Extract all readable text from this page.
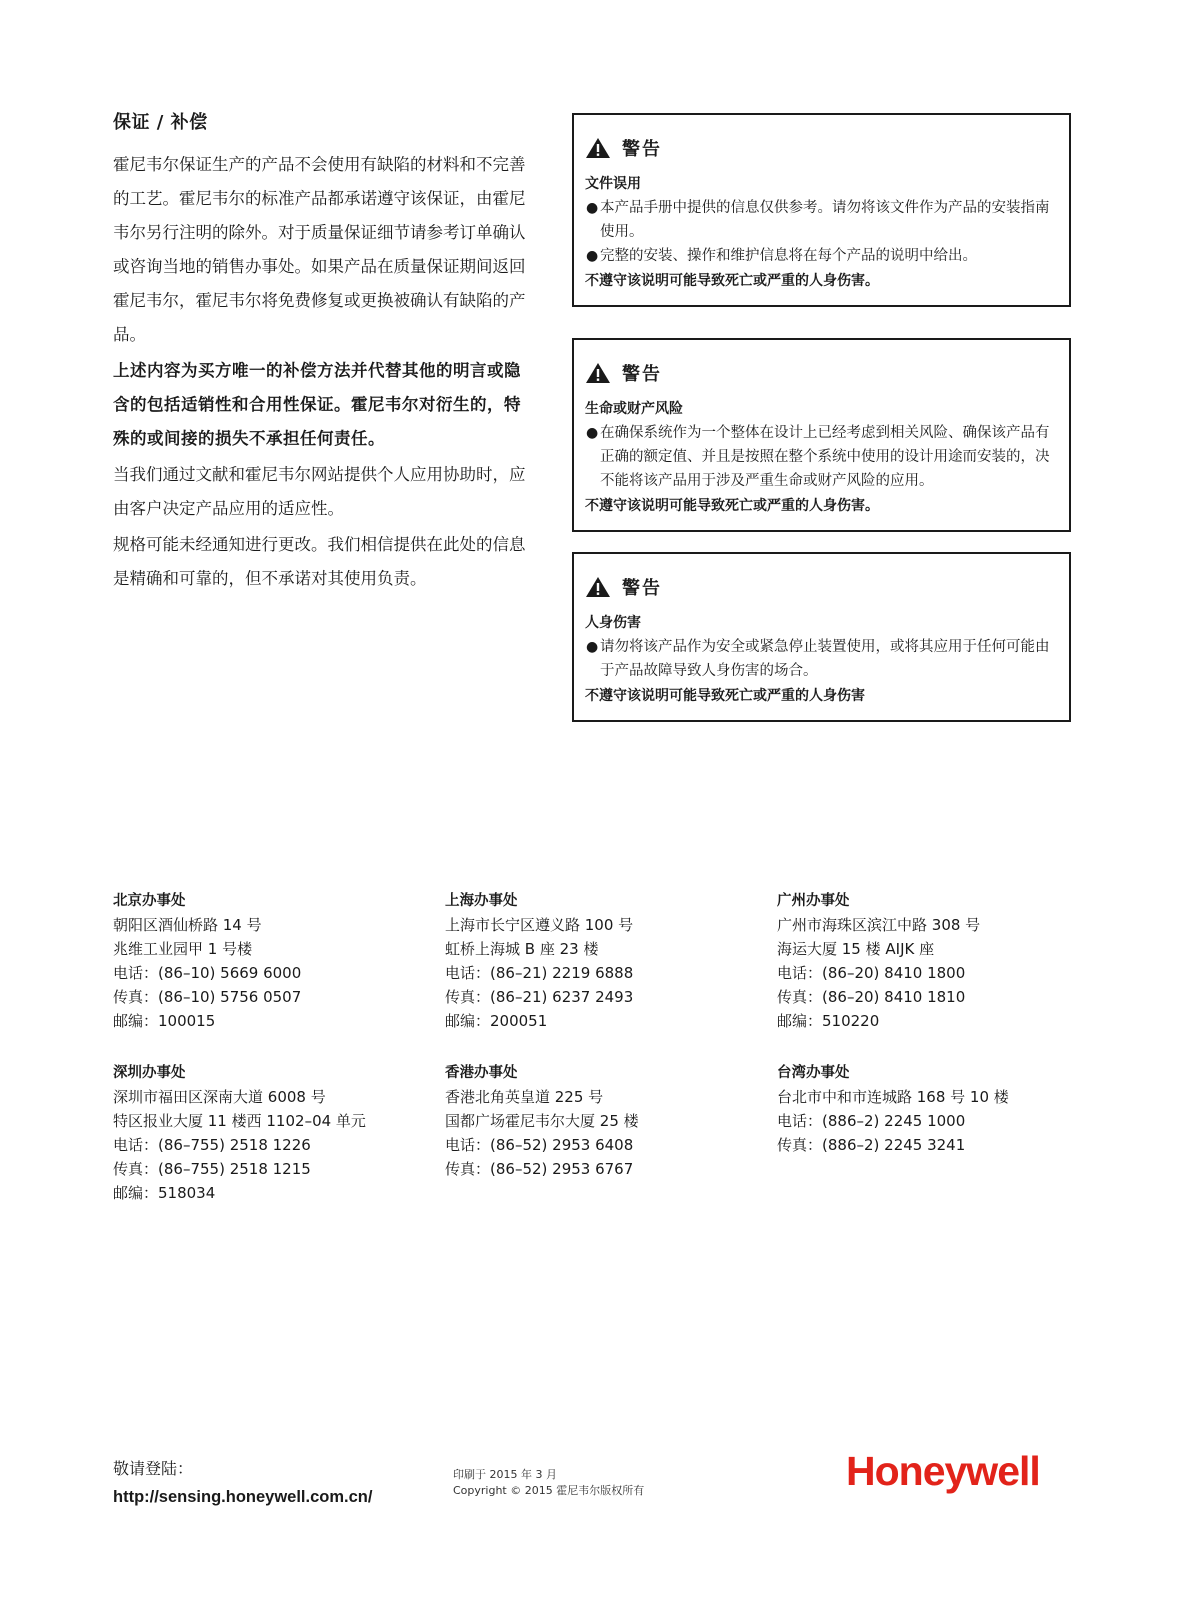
保证 / 补偿

霍尼韦尔保证生产的产品不会使用有缺陷的材料和不完善的工艺。霍尼韦尔的标准产品都承诺遵守该保证，由霍尼韦尔另行注明的除外。对于质量保证细节请参考订单确认或咨询当地的销售办事处。如果产品在质量保证期间返回霍尼韦尔，霍尼韦尔将免费修复或更换被确认有缺陷的产品。

上述内容为买方唯一的补偿方法并代替其他的明言或隐含的包括适销性和合用性保证。霍尼韦尔对衍生的，特殊的或间接的损失不承担任何责任。

当我们通过文献和霍尼韦尔网站提供个人应用协助时，应由客户决定产品应用的适应性。

规格可能未经通知进行更改。我们相信提供在此处的信息是精确和可靠的，但不承诺对其使用负责。

警告
文件误用
● 本产品手册中提供的信息仅供参考。请勿将该文件作为产品的安装指南使用。
● 完整的安装、操作和维护信息将在每个产品的说明中给出。
不遵守该说明可能导致死亡或严重的人身伤害。
警告
生命或财产风险
● 在确保系统作为一个整体在设计上已经考虑到相关风险、确保该产品有正确的额定值、并且是按照在整个系统中使用的设计用途而安装的，决不能将该产品用于涉及严重生命或财产风险的应用。
不遵守该说明可能导致死亡或严重的人身伤害。
警告
人身伤害
● 请勿将该产品作为安全或紧急停止装置使用，或将其应用于任何可能由于产品故障导致人身伤害的场合。
不遵守该说明可能导致死亡或严重的人身伤害
北京办事处
朝阳区酒仙桥路 14 号
兆维工业园甲 1 号楼
电话：(86–10) 5669 6000
传真：(86–10) 5756 0507
邮编：100015
上海办事处
上海市长宁区遵义路 100 号
虹桥上海城 B 座 23 楼
电话：(86–21) 2219 6888
传真：(86–21) 6237 2493
邮编：200051
广州办事处
广州市海珠区滨江中路 308 号
海运大厦 15 楼 AIJK 座
电话：(86–20) 8410 1800
传真：(86–20) 8410 1810
邮编：510220
深圳办事处
深圳市福田区深南大道 6008 号
特区报业大厦 11 楼西 1102–04 单元
电话：(86–755) 2518 1226
传真：(86–755) 2518 1215
邮编：518034
香港办事处
香港北角英皇道 225 号
国都广场霍尼韦尔大厦 25 楼
电话：(86–52) 2953 6408
传真：(86–52) 2953 6767
台湾办事处
台北市中和市连城路 168 号 10 楼
电话：(886–2) 2245 1000
传真：(886–2) 2245 3241
敬请登陆：
http://sensing.honeywell.com.cn/
印刷于 2015 年 3 月
Copyright © 2015 霍尼韦尔版权所有	Honeywell
